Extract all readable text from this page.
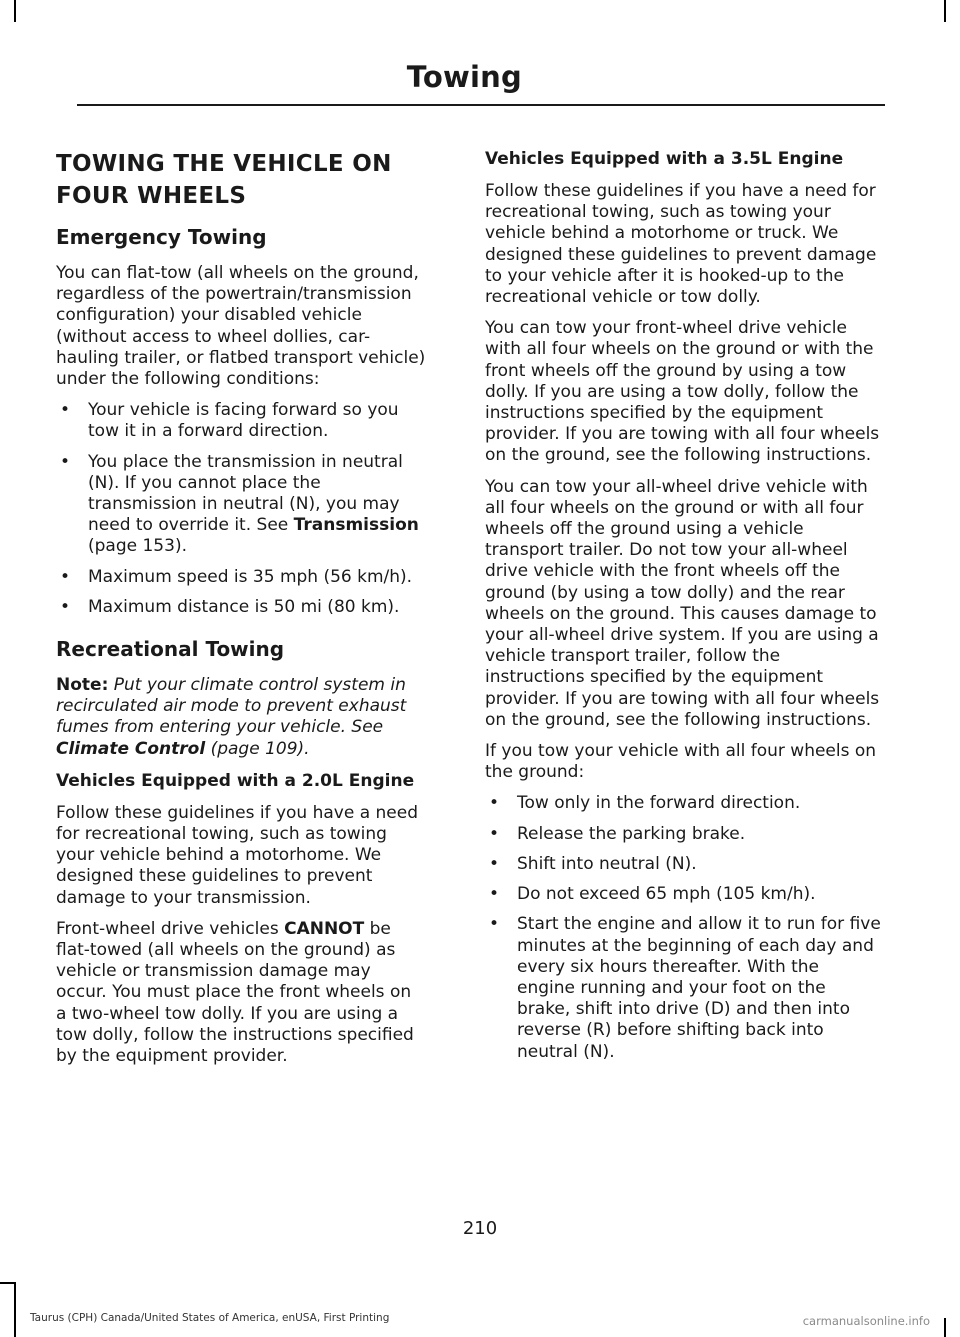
Towing
TOWING THE VEHICLE ON FOUR WHEELS
Emergency Towing

You can flat-tow (all wheels on the ground, regardless of the powertrain/transmission configuration) your disabled vehicle (without access to wheel dollies, car-hauling trailer, or flatbed transport vehicle) under the following conditions:

• Your vehicle is facing forward so you tow it in a forward direction.
• You place the transmission in neutral (N). If you cannot place the transmission in neutral (N), you may need to override it. See Transmission (page 153).
• Maximum speed is 35 mph (56 km/h).
• Maximum distance is 50 mi (80 km).
Recreational Towing

Note: Put your climate control system in recirculated air mode to prevent exhaust fumes from entering your vehicle. See Climate Control (page 109).

Vehicles Equipped with a 2.0L Engine

Follow these guidelines if you have a need for recreational towing, such as towing your vehicle behind a motorhome. We designed these guidelines to prevent damage to your transmission.

Front-wheel drive vehicles CANNOT be flat-towed (all wheels on the ground) as vehicle or transmission damage may occur. You must place the front wheels on a two-wheel tow dolly. If you are using a tow dolly, follow the instructions specified by the equipment provider.

Vehicles Equipped with a 3.5L Engine

Follow these guidelines if you have a need for recreational towing, such as towing your vehicle behind a motorhome or truck. We designed these guidelines to prevent damage to your vehicle after it is hooked-up to the recreational vehicle or tow dolly.

You can tow your front-wheel drive vehicle with all four wheels on the ground or with the front wheels off the ground by using a tow dolly. If you are using a tow dolly, follow the instructions specified by the equipment provider. If you are towing with all four wheels on the ground, see the following instructions.

You can tow your all-wheel drive vehicle with all four wheels on the ground or with all four wheels off the ground using a vehicle transport trailer. Do not tow your all-wheel drive vehicle with the front wheels off the ground (by using a tow dolly) and the rear wheels on the ground. This causes damage to your all-wheel drive system. If you are using a vehicle transport trailer, follow the instructions specified by the equipment provider. If you are towing with all four wheels on the ground, see the following instructions.

If you tow your vehicle with all four wheels on the ground:

• Tow only in the forward direction.
• Release the parking brake.
• Shift into neutral (N).
• Do not exceed 65 mph (105 km/h).
• Start the engine and allow it to run for five minutes at the beginning of each day and every six hours thereafter. With the engine running and your foot on the brake, shift into drive (D) and then into reverse (R) before shifting back into neutral (N).
210
Taurus (CPH) Canada/United States of America, enUSA, First Printing	carmanualsonline.info
